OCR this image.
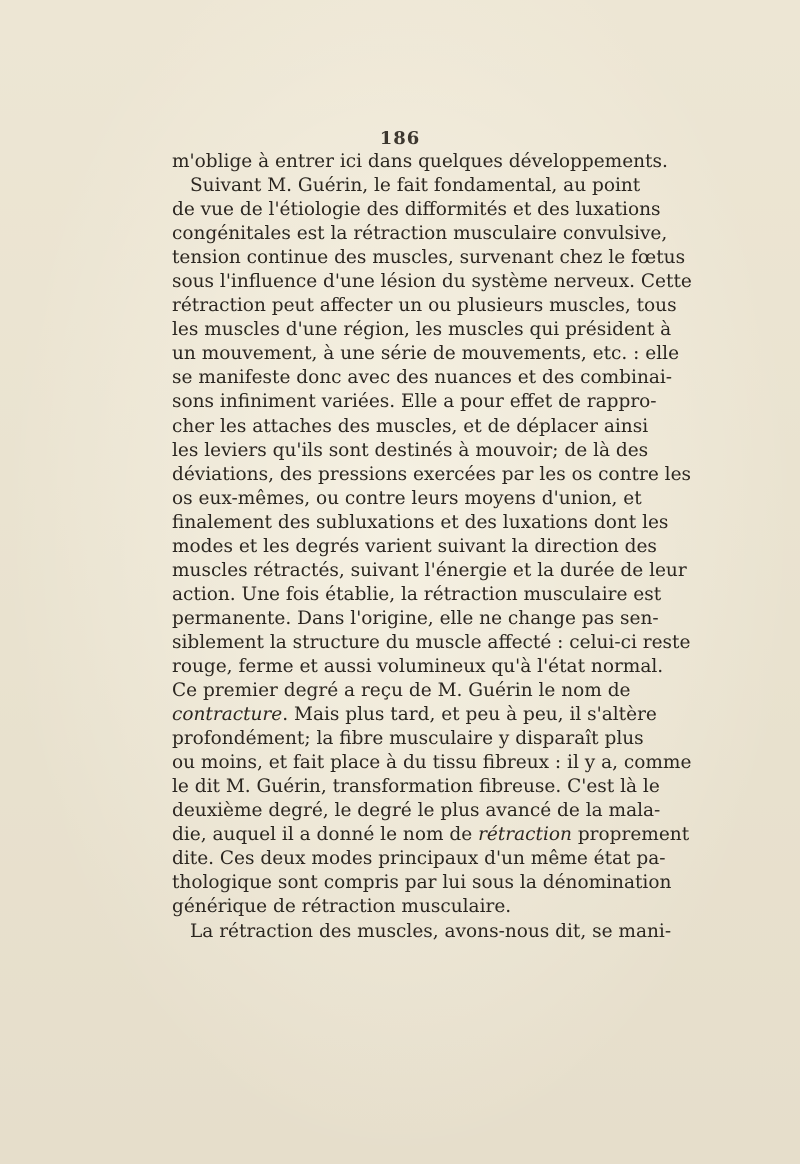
186
m'oblige à entrer ici dans quelques développements.
Suivant M. Guérin, le fait fondamental, au point
de vue de l'étiologie des difformités et des luxations
congénitales est la rétraction musculaire convulsive,
tension continue des muscles, survenant chez le fœtus
sous l'influence d'une lésion du système nerveux. Cette
rétraction peut affecter un ou plusieurs muscles, tous
les muscles d'une région, les muscles qui président à
un mouvement, à une série de mouvements, etc. : elle
se manifeste donc avec des nuances et des combinai-
sons infiniment variées. Elle a pour effet de rappro-
cher les attaches des muscles, et de déplacer ainsi
les leviers qu'ils sont destinés à mouvoir; de là des
déviations, des pressions exercées par les os contre les
os eux-mêmes, ou contre leurs moyens d'union, et
finalement des subluxations et des luxations dont les
modes et les degrés varient suivant la direction des
muscles rétractés, suivant l'énergie et la durée de leur
action. Une fois établie, la rétraction musculaire est
permanente. Dans l'origine, elle ne change pas sen-
siblement la structure du muscle affecté : celui-ci reste
rouge, ferme et aussi volumineux qu'à l'état normal.
Ce premier degré a reçu de M. Guérin le nom de
contracture. Mais plus tard, et peu à peu, il s'altère
profondément; la fibre musculaire y disparaît plus
ou moins, et fait place à du tissu fibreux : il y a, comme
le dit M. Guérin, transformation fibreuse. C'est là le
deuxième degré, le degré le plus avancé de la mala-
die, auquel il a donné le nom de rétraction proprement
dite. Ces deux modes principaux d'un même état pa-
thologique sont compris par lui sous la dénomination
générique de rétraction musculaire.
La rétraction des muscles, avons-nous dit, se mani-
